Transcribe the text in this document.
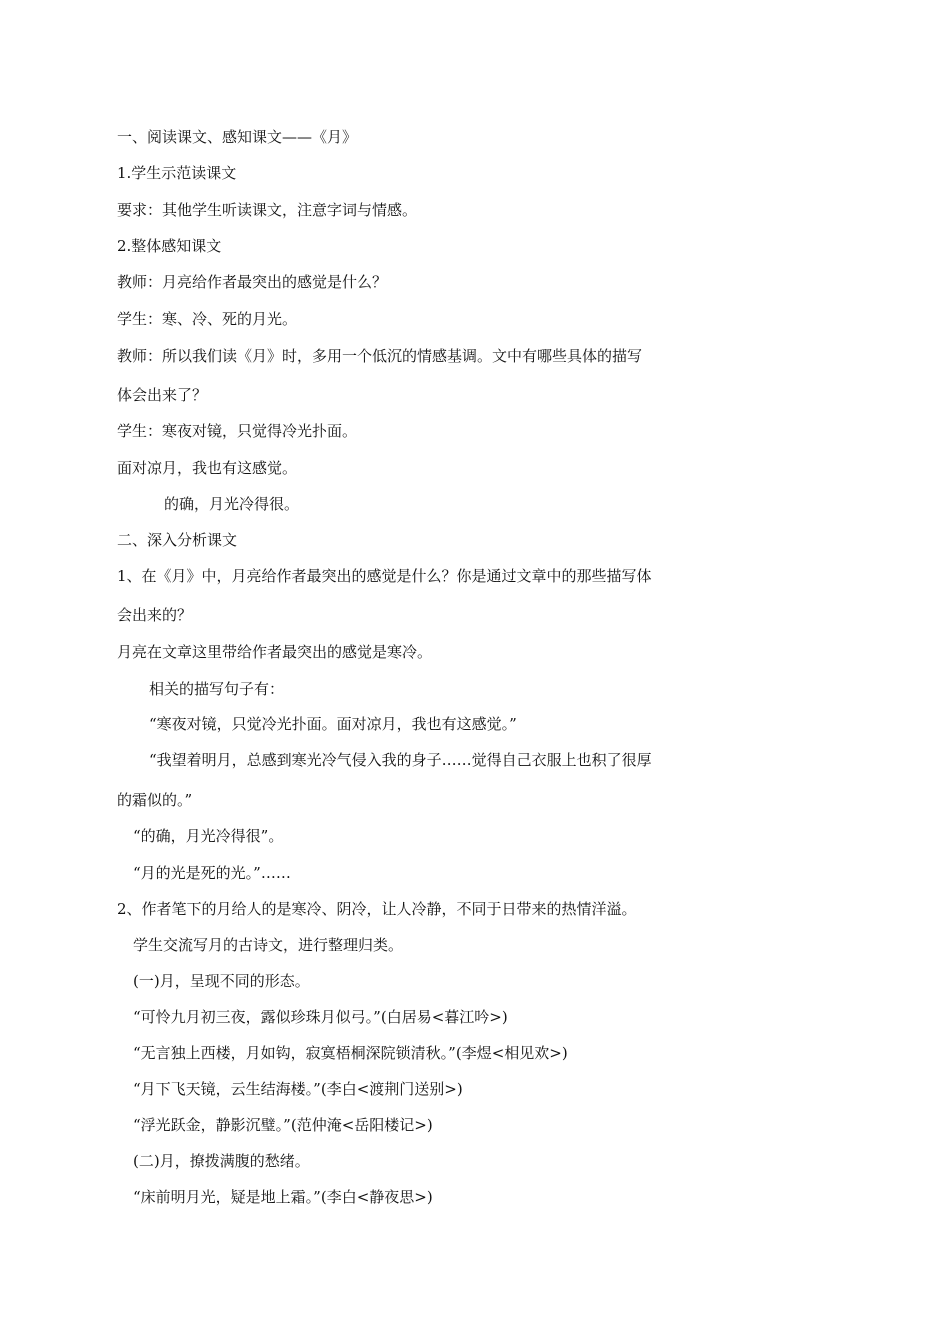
一、阅读课文、感知课文——《月》
1.学生示范读课文
要求：其他学生听读课文，注意字词与情感。
2.整体感知课文
教师：月亮给作者最突出的感觉是什么？
学生：寒、冷、死的月光。
教师：所以我们读《月》时，多用一个低沉的情感基调。文中有哪些具体的描写
体会出来了？
学生：寒夜对镜，只觉得冷光扑面。
面对凉月，我也有这感觉。
的确，月光冷得很。
二、深入分析课文
1、在《月》中，月亮给作者最突出的感觉是什么？你是通过文章中的那些描写体
会出来的？
月亮在文章这里带给作者最突出的感觉是寒冷。
相关的描写句子有：
“寒夜对镜，只觉冷光扑面。面对凉月，我也有这感觉。”
“我望着明月，总感到寒光冷气侵入我的身子……觉得自己衣服上也积了很厚
的霜似的。”
“的确，月光冷得很”。
“月的光是死的光。”……
2、作者笔下的月给人的是寒冷、阴冷，让人冷静，不同于日带来的热情洋溢。
学生交流写月的古诗文，进行整理归类。
(一)月，呈现不同的形态。
“可怜九月初三夜，露似珍珠月似弓。”(白居易<暮江吟>)
“无言独上西楼，月如钩，寂寞梧桐深院锁清秋。”(李煜<相见欢>)
“月下飞天镜，云生结海楼。”(李白<渡荆门送别>)
“浮光跃金，静影沉璧。”(范仲淹<岳阳楼记>)
(二)月，撩拨满腹的愁绪。
“床前明月光，疑是地上霜。”(李白<静夜思>)
